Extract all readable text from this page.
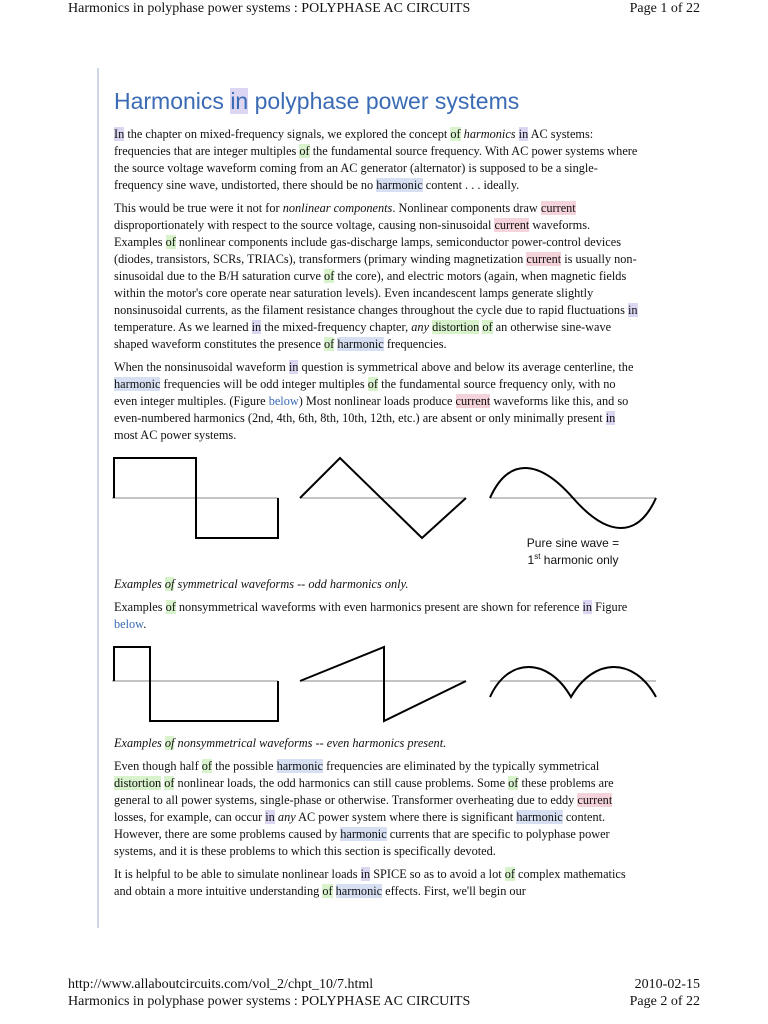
Harmonics in polyphase power systems : POLYPHASE AC CIRCUITS	Page 1 of 22
Harmonics in polyphase power systems

In the chapter on mixed-frequency signals, we explored the concept of harmonics in AC systems: frequencies that are integer multiples of the fundamental source frequency. With AC power systems where the source voltage waveform coming from an AC generator (alternator) is supposed to be a single-frequency sine wave, undistorted, there should be no harmonic content . . . ideally.

This would be true were it not for nonlinear components. Nonlinear components draw current disproportionately with respect to the source voltage, causing non-sinusoidal current waveforms. Examples of nonlinear components include gas-discharge lamps, semiconductor power-control devices (diodes, transistors, SCRs, TRIACs), transformers (primary winding magnetization current is usually non-sinusoidal due to the B/H saturation curve of the core), and electric motors (again, when magnetic fields within the motor's core operate near saturation levels). Even incandescent lamps generate slightly nonsinusoidal currents, as the filament resistance changes throughout the cycle due to rapid fluctuations in temperature. As we learned in the mixed-frequency chapter, any distortion of an otherwise sine-wave shaped waveform constitutes the presence of harmonic frequencies.

When the nonsinusoidal waveform in question is symmetrical above and below its average centerline, the harmonic frequencies will be odd integer multiples of the fundamental source frequency only, with no even integer multiples. (Figure below) Most nonlinear loads produce current waveforms like this, and so even-numbered harmonics (2nd, 4th, 6th, 8th, 10th, 12th, etc.) are absent or only minimally present in most AC power systems.

Pure sine wave =
1st harmonic only

Examples of symmetrical waveforms -- odd harmonics only.

Examples of nonsymmetrical waveforms with even harmonics present are shown for reference in Figure below.

Examples of nonsymmetrical waveforms -- even harmonics present.

Even though half of the possible harmonic frequencies are eliminated by the typically symmetrical distortion of nonlinear loads, the odd harmonics can still cause problems. Some of these problems are general to all power systems, single-phase or otherwise. Transformer overheating due to eddy current losses, for example, can occur in any AC power system where there is significant harmonic content. However, there are some problems caused by harmonic currents that are specific to polyphase power systems, and it is these problems to which this section is specifically devoted.

It is helpful to be able to simulate nonlinear loads in SPICE so as to avoid a lot of complex mathematics and obtain a more intuitive understanding of harmonic effects. First, we'll begin our

http://www.allaboutcircuits.com/vol_2/chpt_10/7.html	2010-02-15
Harmonics in polyphase power systems : POLYPHASE AC CIRCUITS	Page 2 of 22
